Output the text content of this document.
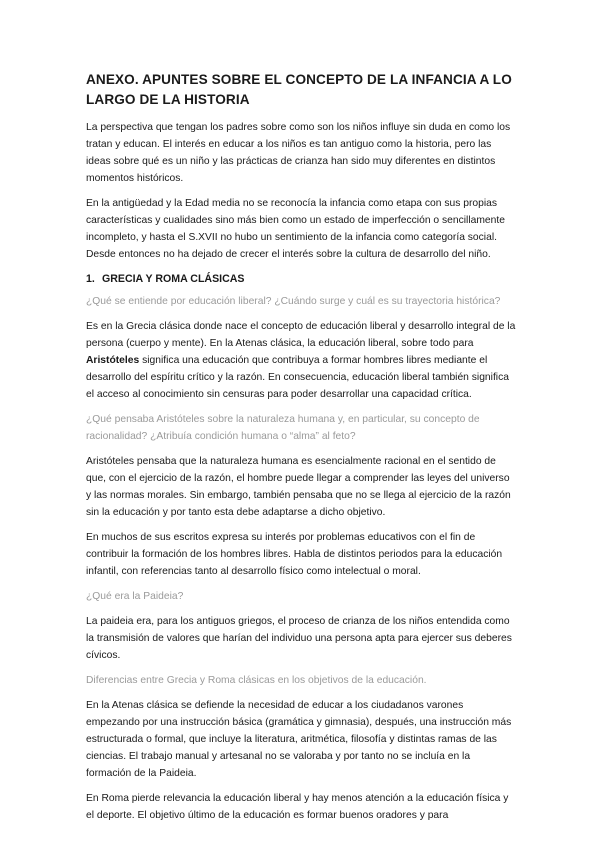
ANEXO. APUNTES SOBRE EL CONCEPTO DE LA INFANCIA A LO LARGO DE LA HISTORIA

La perspectiva que tengan los padres sobre como son los niños influye sin duda en como los tratan y educan. El interés en educar a los niños es tan antiguo como la historia, pero las ideas sobre qué es un niño y las prácticas de crianza han sido muy diferentes en distintos momentos históricos.

En la antigüedad y la Edad media no se reconocía la infancia como etapa con sus propias características y cualidades sino más bien como un estado de imperfección o sencillamente incompleto, y hasta el S.XVII no hubo un sentimiento de la infancia como categoría social. Desde entonces no ha dejado de crecer el interés sobre la cultura de desarrollo del niño.

1. GRECIA Y ROMA CLÁSICAS

¿Qué se entiende por educación liberal? ¿Cuándo surge y cuál es su trayectoria histórica?

Es en la Grecia clásica donde nace el concepto de educación liberal y desarrollo integral de la persona (cuerpo y mente). En la Atenas clásica, la educación liberal, sobre todo para Aristóteles significa una educación que contribuya a formar hombres libres mediante el desarrollo del espíritu crítico y la razón. En consecuencia, educación liberal también significa el acceso al conocimiento sin censuras para poder desarrollar una capacidad crítica.

¿Qué pensaba Aristóteles sobre la naturaleza humana y, en particular, su concepto de racionalidad? ¿Atribuía condición humana o “alma” al feto?

Aristóteles pensaba que la naturaleza humana es esencialmente racional en el sentido de que, con el ejercicio de la razón, el hombre puede llegar a comprender las leyes del universo y las normas morales. Sin embargo, también pensaba que no se llega al ejercicio de la razón sin la educación y por tanto esta debe adaptarse a dicho objetivo.

En muchos de sus escritos expresa su interés por problemas educativos con el fin de contribuir la formación de los hombres libres. Habla de distintos periodos para la educación infantil, con referencias tanto al desarrollo físico como intelectual o moral.

¿Qué era la Paideia?

La paideia era, para los antiguos griegos, el proceso de crianza de los niños entendida como la transmisión de valores que harían del individuo una persona apta para ejercer sus deberes cívicos.

Diferencias entre Grecia y Roma clásicas en los objetivos de la educación.

En la Atenas clásica se defiende la necesidad de educar a los ciudadanos varones empezando por una instrucción básica (gramática y gimnasia), después, una instrucción más estructurada o formal, que incluye la literatura, aritmética, filosofía y distintas ramas de las ciencias. El trabajo manual y artesanal no se valoraba y por tanto no se incluía en la formación de la Paideia.

En Roma pierde relevancia la educación liberal y hay menos atención a la educación física y el deporte. El objetivo último de la educación es formar buenos oradores y para
